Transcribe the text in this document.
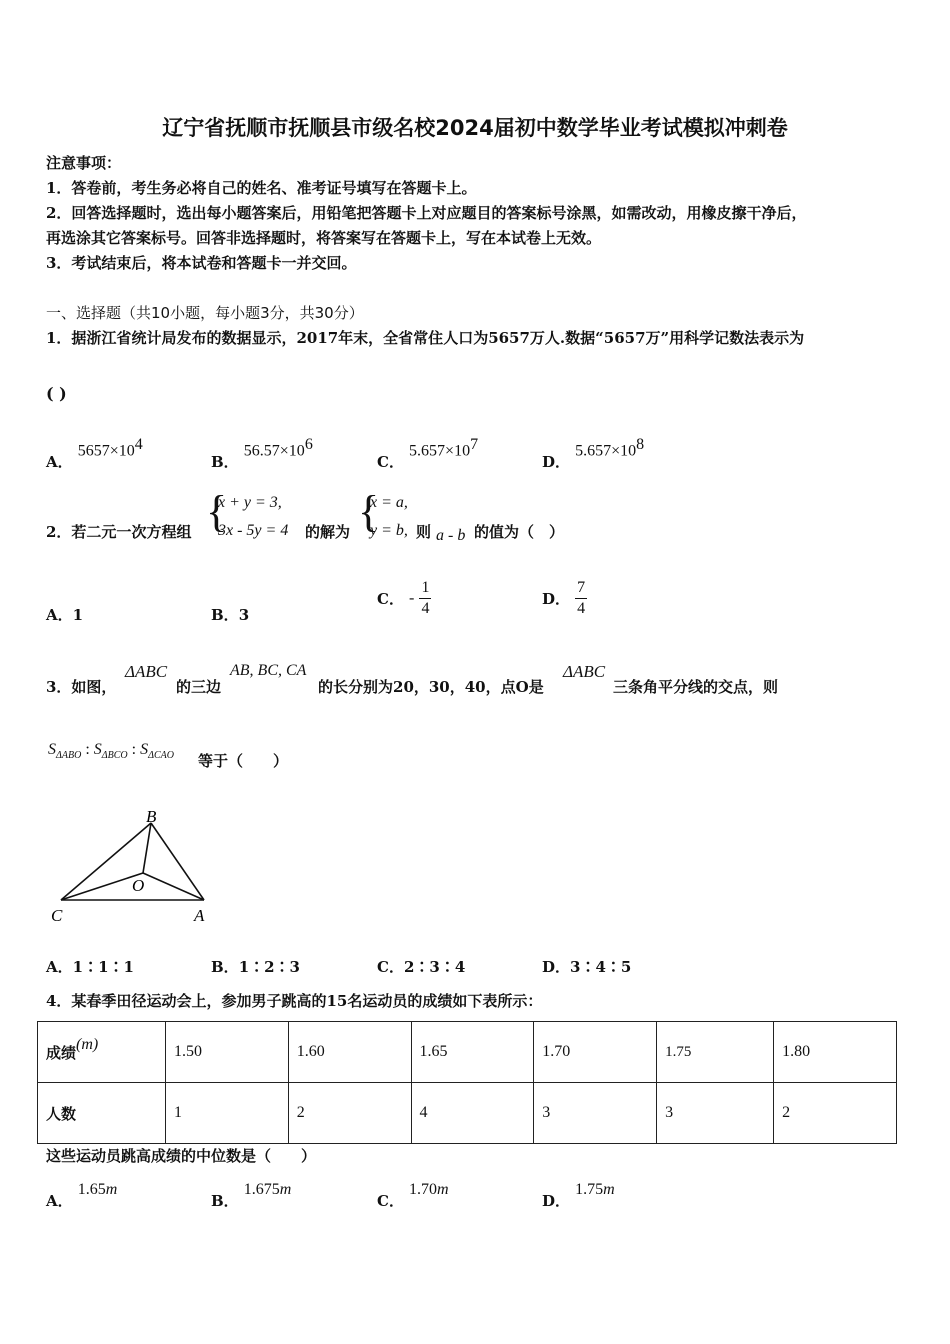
辽宁省抚顺市抚顺县市级名校2024届初中数学毕业考试模拟冲刺卷
注意事项：
1．答卷前，考生务必将自己的姓名、准考证号填写在答题卡上。
2．回答选择题时，选出每小题答案后，用铅笔把答题卡上对应题目的答案标号涂黑，如需改动，用橡皮擦干净后，
再选涂其它答案标号。回答非选择题时，将答案写在答题卡上，写在本试卷上无效。
3．考试结束后，将本试卷和答题卡一并交回。
一、选择题（共10小题，每小题3分，共30分）
1．据浙江省统计局发布的数据显示，2017年末，全省常住人口为5657万人.数据“5657万”用科学记数法表示为
( )
A． $5657\times 10^4$
B． $56.57\times 10^6$
C． $5.657\times 10^7$
D． $5.657\times 10^8$
2．若二元一次方程组 {
x + y = 3,
3x - 5y = 4 的解为 {
x = a,
y = b, 则 a - b 的值为（　）
A．1	B．3
C． - $\frac{1}{4}$	D． $\frac{7}{4}$
3．如图，
ΔABC
的三边
AB, BC, CA
的长分别为20，30，40，点O是
ΔABC
三条角平分线的交点，则
$S_{\Delta ABO}$ : $S_{\Delta BCO}$ : $S_{\Delta CAO}$ 等于（　　）
B
O
C	A
A．1∶1∶1	B．1∶2∶3	C．2∶3∶4	D．3∶4∶5
4．某春季田径运动会上，参加男子跳高的15名运动员的成绩如下表所示：
成绩(m)	1.50	1.60	1.65	1.70	1.75	1.80
人数	1	2	4	3	3	2
这些运动员跳高成绩的中位数是（　　）
A． 1.65m
B． 1.675m
C． 1.70m
D． 1.75m
